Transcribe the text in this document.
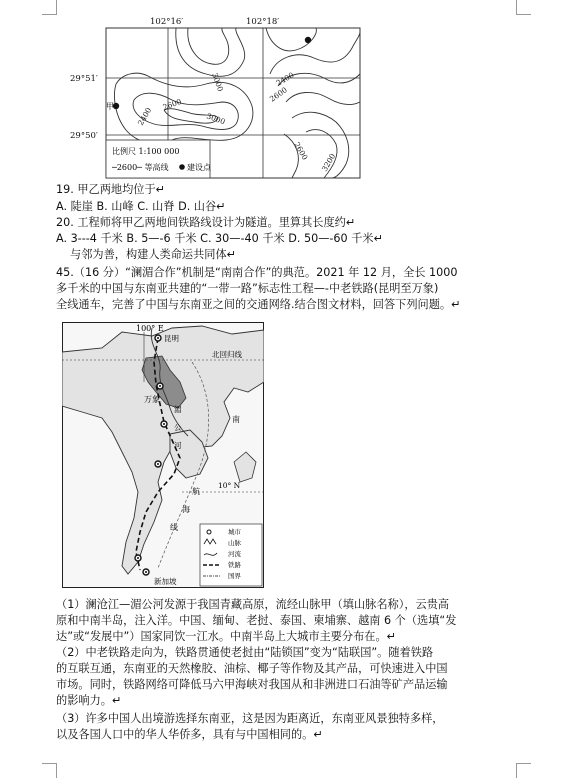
3000	2400
2600
2400
2600
3000
2600
3200
102°16′	102°18′
29°51′
29°50′
甲
比例尺 1:100 000
─2600─ 等高线 建设点
19. 甲乙两地均位于↵
A. 陡崖 B. 山峰 C. 山脊 D. 山谷↵
20. 工程师将甲乙两地间铁路线设计为隧道。里算其长度约↵
A. 3---4 千米 B. 5—-6 千米 C. 30—-40 千米 D. 50—-60 千米↵
与邻为善，构建人类命运共同体↵
45.（16 分）“澜湄合作”机制是“南南合作”的典范。2021 年 12 月，全长 1000
多千米的中国与东南亚共建的“一带一路”标志性工程—-中老铁路(昆明至万象)
全线通车，完善了中国与东南亚之间的交通网络.结合图文材料，回答下列问题。↵
北回归线
10° N
100° E
昆明
万象
新加坡
湄
公
河
航
海
线
南
城市
山脉
河流
铁路
国界
（1）澜沧江—湄公河发源于我国青藏高原，流经山脉甲（填山脉名称），云贵高
原和中南半岛，注入洋。中国、缅甸、老挝、泰国、柬埔寨、越南 6 个（选填“发
达”或“发展中”）国家同饮一江水。中南半岛上大城市主要分布在。↵
（2）中老铁路走向为，铁路贯通使老挝由“陆锁国”变为“陆联国”。随着铁路
的互联互通，东南亚的天然橡胶、油棕、椰子等作物及其产品，可快速进入中国
市场。同时，铁路网络可降低马六甲海峡对我国从和非洲进口石油等矿产品运输
的影响力。↵
（3）许多中国人出境游选择东南亚，这是因为距离近，东南亚风景独特多样，
以及各国人口中的华人华侨多，具有与中国相同的。↵
